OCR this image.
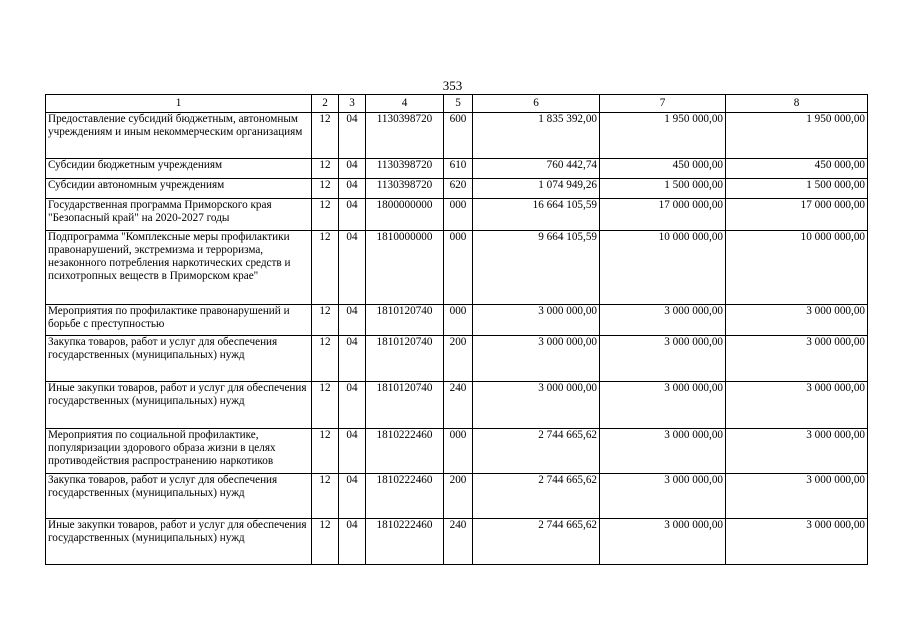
353
1	2	3	4	5	6	7	8
Предоставление субсидий бюджетным, автономным учреждениям и иным некоммерческим организациям	12	04	1130398720	600	1 835 392,00	1 950 000,00	1 950 000,00
Субсидии бюджетным учреждениям	12	04	1130398720	610	760 442,74	450 000,00	450 000,00
Субсидии автономным учреждениям	12	04	1130398720	620	1 074 949,26	1 500 000,00	1 500 000,00
Государственная программа Приморского края "Безопасный край" на 2020-2027 годы	12	04	1800000000	000	16 664 105,59	17 000 000,00	17 000 000,00
Подпрограмма "Комплексные меры профилактики правонарушений, экстремизма и терроризма, незаконного потребления наркотических средств и психотропных веществ в Приморском крае"	12	04	1810000000	000	9 664 105,59	10 000 000,00	10 000 000,00
Мероприятия по профилактике правонарушений и борьбе с преступностью	12	04	1810120740	000	3 000 000,00	3 000 000,00	3 000 000,00
Закупка товаров, работ и услуг для обеспечения государственных (муниципальных) нужд	12	04	1810120740	200	3 000 000,00	3 000 000,00	3 000 000,00
Иные закупки товаров, работ и услуг для обеспечения государственных (муниципальных) нужд	12	04	1810120740	240	3 000 000,00	3 000 000,00	3 000 000,00
Мероприятия по социальной профилактике, популяризации здорового образа жизни в целях противодействия распространению наркотиков	12	04	1810222460	000	2 744 665,62	3 000 000,00	3 000 000,00
Закупка товаров, работ и услуг для обеспечения государственных (муниципальных) нужд	12	04	1810222460	200	2 744 665,62	3 000 000,00	3 000 000,00
Иные закупки товаров, работ и услуг для обеспечения государственных (муниципальных) нужд	12	04	1810222460	240	2 744 665,62	3 000 000,00	3 000 000,00
